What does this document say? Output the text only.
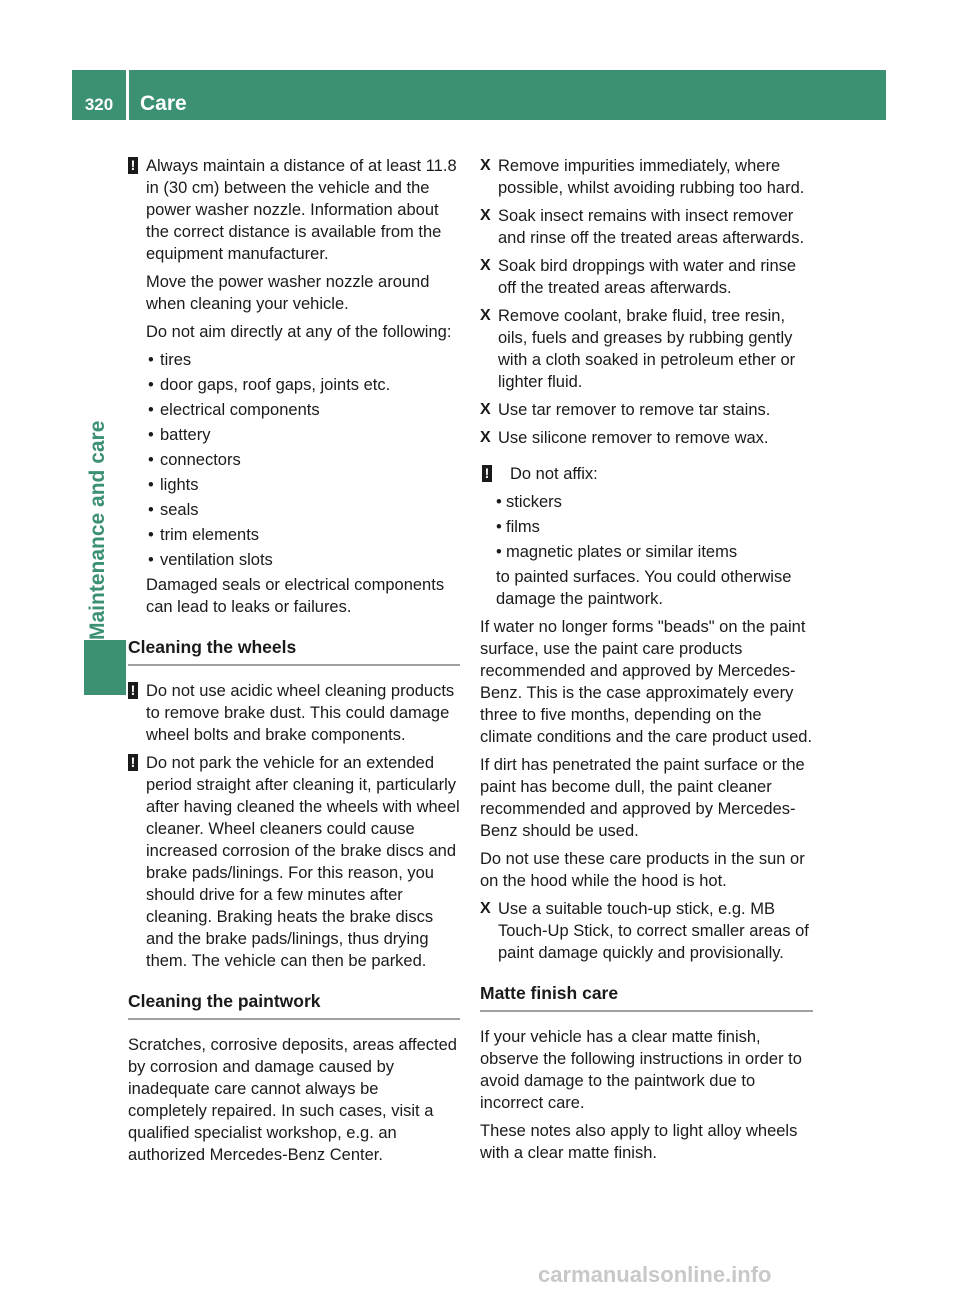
320	Care
Maintenance and care

! Always maintain a distance of at least 11.8 in (30 cm) between the vehicle and the power washer nozzle. Information about the correct distance is available from the equipment manufacturer.

Move the power washer nozzle around when cleaning your vehicle.

Do not aim directly at any of the following:

• tires

• door gaps, roof gaps, joints etc.

• electrical components

• battery

• connectors

• lights

• seals

• trim elements

• ventilation slots

Damaged seals or electrical components can lead to leaks or failures.

Cleaning the wheels

! Do not use acidic wheel cleaning products to remove brake dust. This could damage wheel bolts and brake components.

! Do not park the vehicle for an extended period straight after cleaning it, particularly after having cleaned the wheels with wheel cleaner. Wheel cleaners could cause increased corrosion of the brake discs and brake pads/linings. For this reason, you should drive for a few minutes after cleaning. Braking heats the brake discs and the brake pads/linings, thus drying them. The vehicle can then be parked.

Cleaning the paintwork

Scratches, corrosive deposits, areas affected by corrosion and damage caused by inadequate care cannot always be completely repaired. In such cases, visit a qualified specialist workshop, e.g. an authorized Mercedes-Benz Center.

X Remove impurities immediately, where possible, whilst avoiding rubbing too hard.

X Soak insect remains with insect remover and rinse off the treated areas afterwards.

X Soak bird droppings with water and rinse off the treated areas afterwards.

X Remove coolant, brake fluid, tree resin, oils, fuels and greases by rubbing gently with a cloth soaked in petroleum ether or lighter fluid.

X Use tar remover to remove tar stains.

X Use silicone remover to remove wax.

! Do not affix:

• stickers

• films

• magnetic plates or similar items

to painted surfaces. You could otherwise damage the paintwork.

If water no longer forms "beads" on the paint surface, use the paint care products recommended and approved by Mercedes-Benz. This is the case approximately every three to five months, depending on the climate conditions and the care product used.

If dirt has penetrated the paint surface or the paint has become dull, the paint cleaner recommended and approved by Mercedes-Benz should be used.

Do not use these care products in the sun or on the hood while the hood is hot.

X Use a suitable touch-up stick, e.g. MB Touch-Up Stick, to correct smaller areas of paint damage quickly and provisionally.

Matte finish care

If your vehicle has a clear matte finish, observe the following instructions in order to avoid damage to the paintwork due to incorrect care.

These notes also apply to light alloy wheels with a clear matte finish.

carmanualsonline.info
